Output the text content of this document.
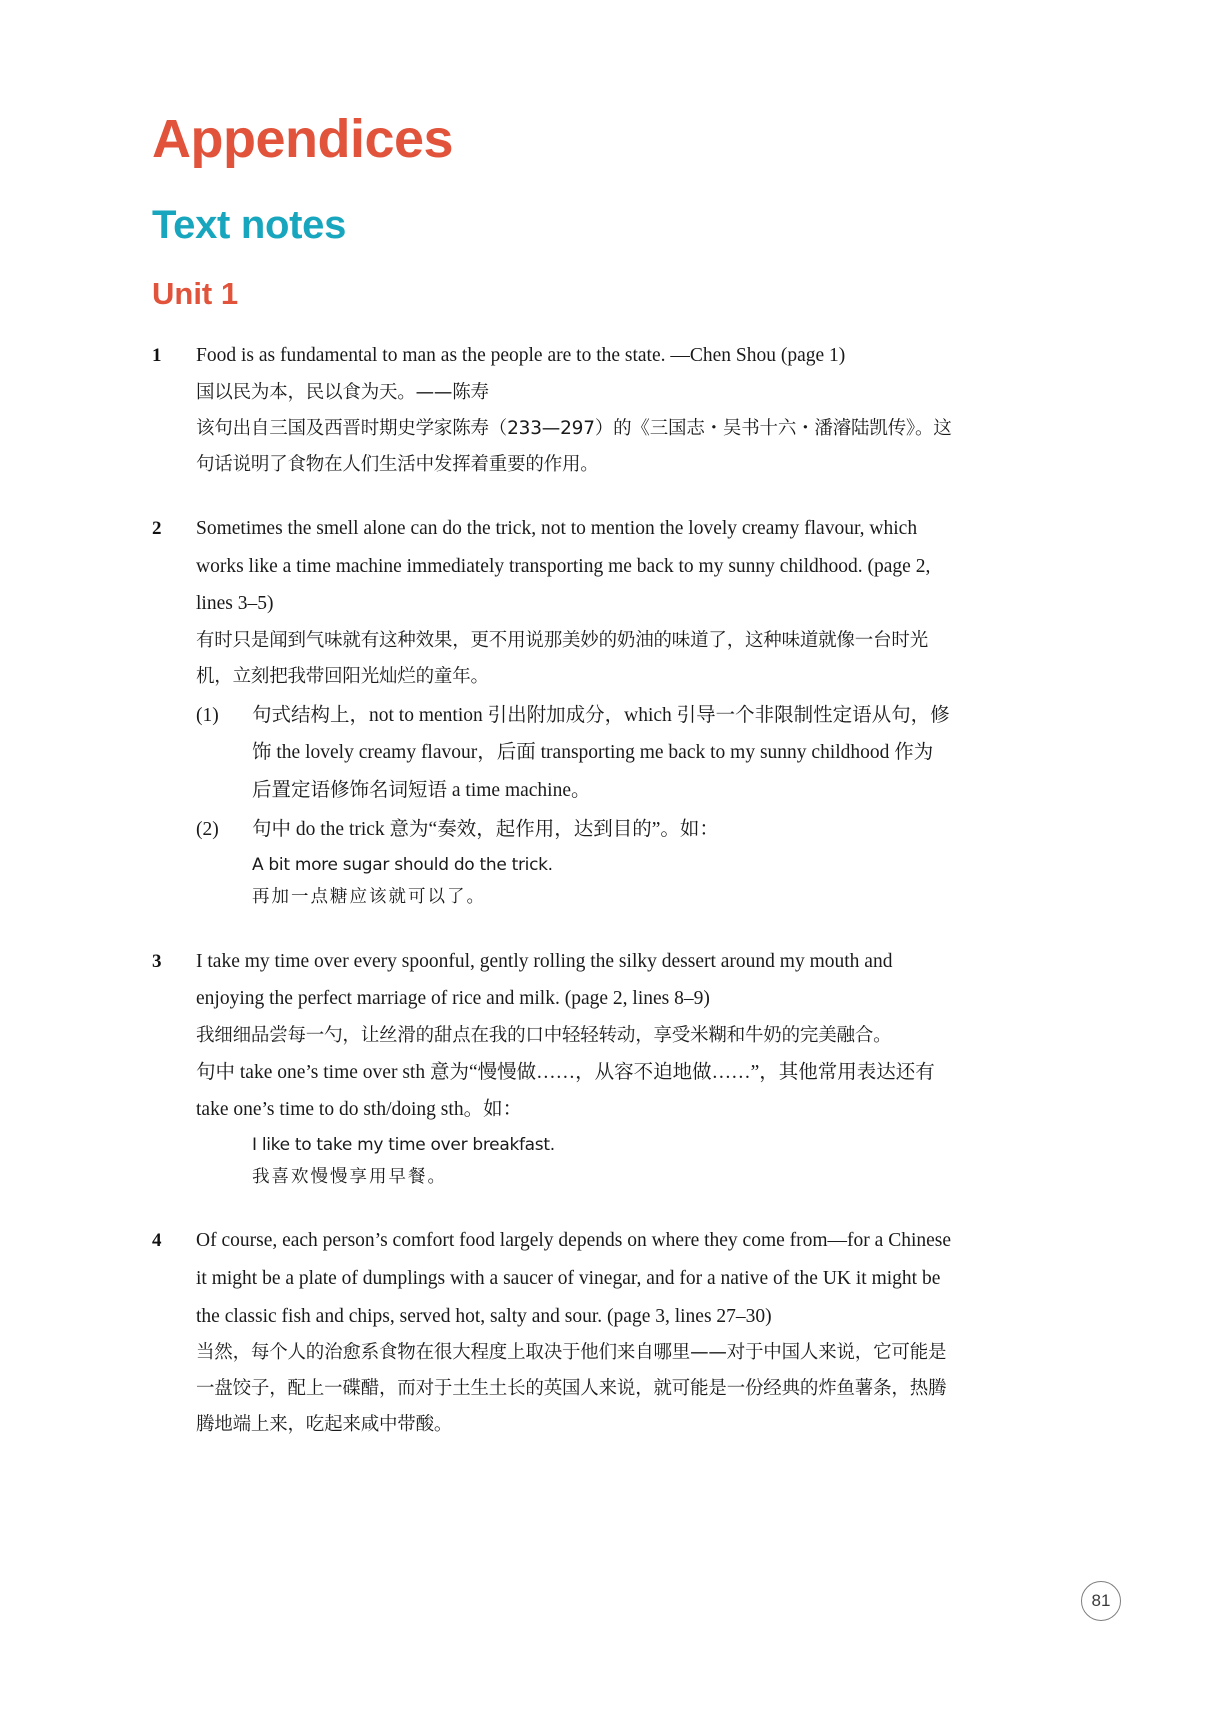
Appendices
Text notes
Unit 1
1	Food is as fundamental to man as the people are to the state. —Chen Shou (page 1)
国以民为本，民以食为天。——陈寿
该句出自三国及西晋时期史学家陈寿（233—297）的《三国志・吴书十六・潘濬陆凯传》。这句话说明了食物在人们生活中发挥着重要的作用。
2	Sometimes the smell alone can do the trick, not to mention the lovely creamy flavour, which works like a time machine immediately transporting me back to my sunny childhood. (page 2, lines 3–5)
有时只是闻到气味就有这种效果，更不用说那美妙的奶油的味道了，这种味道就像一台时光机，立刻把我带回阳光灿烂的童年。
(1)	句式结构上，not to mention 引出附加成分，which 引导一个非限制性定语从句，修饰 the lovely creamy flavour，后面 transporting me back to my sunny childhood 作为后置定语修饰名词短语 a time machine。
(2)	句中 do the trick 意为“奏效，起作用，达到目的”。如：
A bit more sugar should do the trick.
再加一点糖应该就可以了。
3	I take my time over every spoonful, gently rolling the silky dessert around my mouth and enjoying the perfect marriage of rice and milk. (page 2, lines 8–9)
我细细品尝每一勺，让丝滑的甜点在我的口中轻轻转动，享受米糊和牛奶的完美融合。
句中 take one’s time over sth 意为“慢慢做……，从容不迫地做……”，其他常用表达还有 take one’s time to do sth/doing sth。如：
I like to take my time over breakfast.
我喜欢慢慢享用早餐。
4	Of course, each person’s comfort food largely depends on where they come from—for a Chinese it might be a plate of dumplings with a saucer of vinegar, and for a native of the UK it might be the classic fish and chips, served hot, salty and sour. (page 3, lines 27–30)
当然，每个人的治愈系食物在很大程度上取决于他们来自哪里——对于中国人来说，它可能是一盘饺子，配上一碟醋，而对于土生土长的英国人来说，就可能是一份经典的炸鱼薯条，热腾腾地端上来，吃起来咸中带酸。
81
